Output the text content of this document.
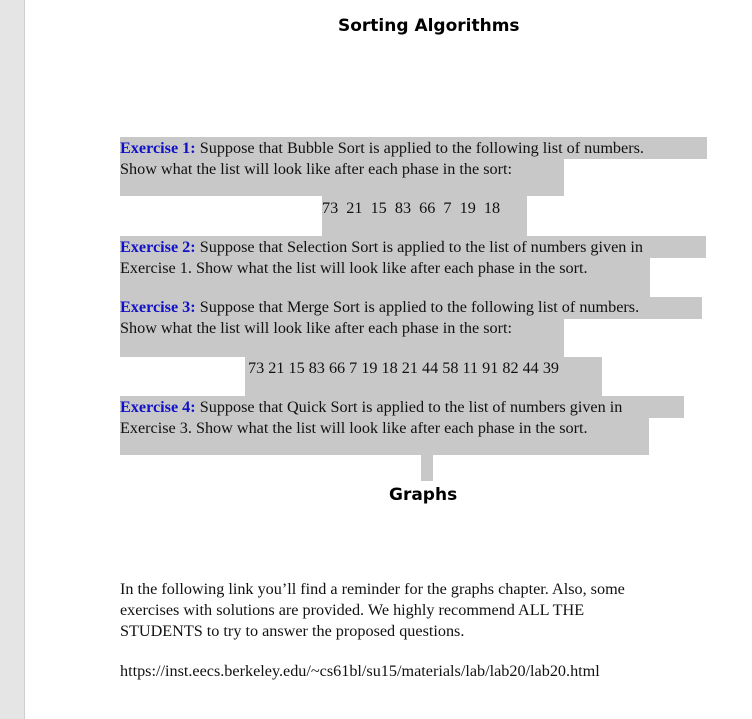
Sorting Algorithms
Exercise 1: Suppose that Bubble Sort is applied to the following list of numbers.
Show what the list will look like after each phase in the sort:
73  21  15  83  66  7  19  18
Exercise 2: Suppose that Selection Sort is applied to the list of numbers given in
Exercise 1. Show what the list will look like after each phase in the sort.
Exercise 3: Suppose that Merge Sort is applied to the following list of numbers.
Show what the list will look like after each phase in the sort:
73 21 15 83 66 7 19 18 21 44 58 11 91 82 44 39
Exercise 4: Suppose that Quick Sort is applied to the list of numbers given in
Exercise 3. Show what the list will look like after each phase in the sort.
Graphs
In the following link you’ll find a reminder for the graphs chapter. Also, some
exercises with solutions are provided. We highly recommend ALL THE
STUDENTS to try to answer the proposed questions.
https://inst.eecs.berkeley.edu/~cs61bl/su15/materials/lab/lab20/lab20.html
